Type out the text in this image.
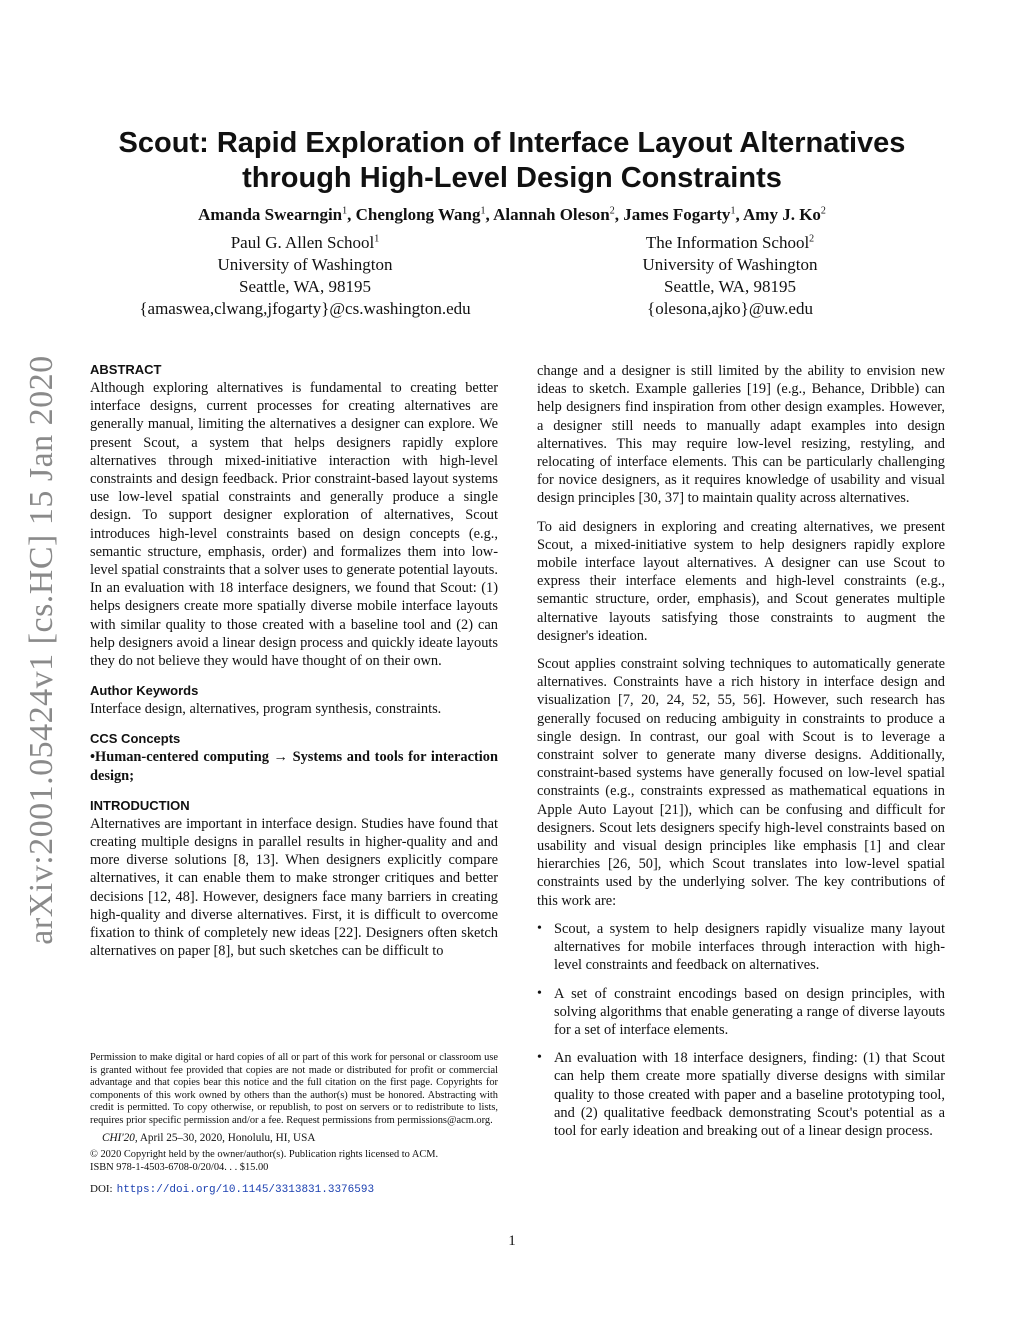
arXiv:2001.05424v1 [cs.HC] 15 Jan 2020
Scout: Rapid Exploration of Interface Layout Alternatives
through High-Level Design Constraints
Amanda Swearngin$^1$, Chenglong Wang$^1$, Alannah Oleson$^2$, James Fogarty$^1$, Amy J. Ko$^2$
Paul G. Allen School$^1$
University of Washington
Seattle, WA, 98195
{amaswea,clwang,jfogarty}@cs.washington.edu
The Information School$^2$
University of Washington
Seattle, WA, 98195
{olesona,ajko}@uw.edu
ABSTRACT

Although exploring alternatives is fundamental to creating better interface designs, current processes for creating alternatives are generally manual, limiting the alternatives a designer can explore. We present Scout, a system that helps designers rapidly explore alternatives through mixed-initiative interaction with high-level constraints and design feedback. Prior constraint-based layout systems use low-level spatial constraints and generally produce a single design. To support designer exploration of alternatives, Scout introduces high-level constraints based on design concepts (e.g., semantic structure, emphasis, order) and formalizes them into low-level spatial constraints that a solver uses to generate potential layouts. In an evaluation with 18 interface designers, we found that Scout: (1) helps designers create more spatially diverse mobile interface layouts with similar quality to those created with a baseline tool and (2) can help designers avoid a linear design process and quickly ideate layouts they do not believe they would have thought of on their own.

Author Keywords

Interface design, alternatives, program synthesis, constraints.

CCS Concepts

•Human-centered computing → Systems and tools for interaction design;

INTRODUCTION

Alternatives are important in interface design. Studies have found that creating multiple designs in parallel results in higher-quality and and more diverse solutions [8, 13]. When designers explicitly compare alternatives, it can enable them to make stronger critiques and better decisions [12, 48]. However, designers face many barriers in creating high-quality and diverse alternatives. First, it is difficult to overcome fixation to think of completely new ideas [22]. Designers often sketch alternatives on paper [8], but such sketches can be difficult to

Permission to make digital or hard copies of all or part of this work for personal or classroom use is granted without fee provided that copies are not made or distributed for profit or commercial advantage and that copies bear this notice and the full citation on the first page. Copyrights for components of this work owned by others than the author(s) must be honored. Abstracting with credit is permitted. To copy otherwise, or republish, to post on servers or to redistribute to lists, requires prior specific permission and/or a fee. Request permissions from permissions@acm.org.

CHI'20, April 25–30, 2020, Honolulu, HI, USA

© 2020 Copyright held by the owner/author(s). Publication rights licensed to ACM.

ISBN 978-1-4503-6708-0/20/04. . . $15.00

DOI: https://doi.org/10.1145/3313831.3376593

change and a designer is still limited by the ability to envision new ideas to sketch. Example galleries [19] (e.g., Behance, Dribble) can help designers find inspiration from other design examples. However, a designer still needs to manually adapt examples into design alternatives. This may require low-level resizing, restyling, and relocating of interface elements. This can be particularly challenging for novice designers, as it requires knowledge of usability and visual design principles [30, 37] to maintain quality across alternatives.

To aid designers in exploring and creating alternatives, we present Scout, a mixed-initiative system to help designers rapidly explore mobile interface layout alternatives. A designer can use Scout to express their interface elements and high-level constraints (e.g., semantic structure, order, emphasis), and Scout generates multiple alternative layouts satisfying those constraints to augment the designer's ideation.

Scout applies constraint solving techniques to automatically generate alternatives. Constraints have a rich history in interface design and visualization [7, 20, 24, 52, 55, 56]. However, such research has generally focused on reducing ambiguity in constraints to produce a single design. In contrast, our goal with Scout is to leverage a constraint solver to generate many diverse designs. Additionally, constraint-based systems have generally focused on low-level spatial constraints (e.g., constraints expressed as mathematical equations in Apple Auto Layout [21]), which can be confusing and difficult for designers. Scout lets designers specify high-level constraints based on usability and visual design principles like emphasis [1] and clear hierarchies [26, 50], which Scout translates into low-level spatial constraints used by the underlying solver. The key contributions of this work are:

• Scout, a system to help designers rapidly visualize many layout alternatives for mobile interfaces through interaction with high-level constraints and feedback on alternatives.

• A set of constraint encodings based on design principles, with solving algorithms that enable generating a range of diverse layouts for a set of interface elements.

• An evaluation with 18 interface designers, finding: (1) that Scout can help them create more spatially diverse designs with similar quality to those created with paper and a baseline prototyping tool, and (2) qualitative feedback demonstrating Scout's potential as a tool for early ideation and breaking out of a linear design process.

1
